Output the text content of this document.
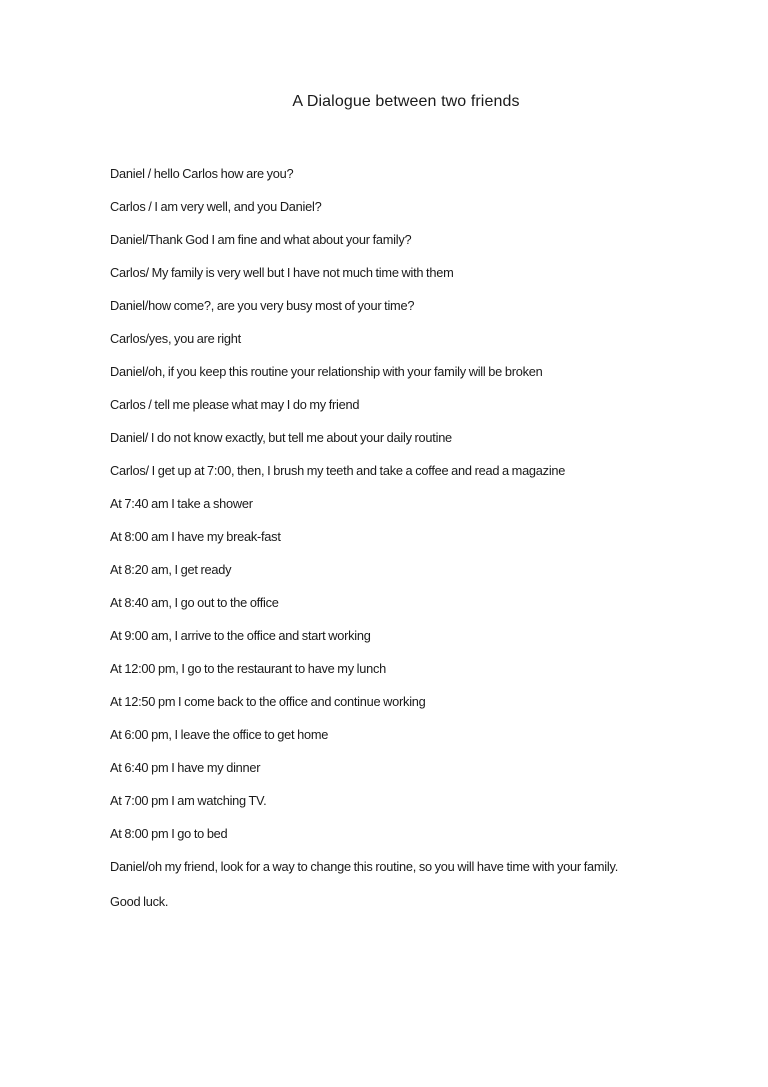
A Dialogue between two friends

Daniel / hello Carlos how are you?

Carlos / I am very well, and you Daniel?

Daniel/Thank God I am fine and what about your family?

Carlos/ My family is very well but I have not much time with them

Daniel/how come?, are you very busy most of your time?

Carlos/yes, you are right

Daniel/oh, if you keep this routine your relationship with your family will be broken

Carlos / tell me please what may I do my friend

Daniel/ I do not know exactly, but tell me about your daily routine

Carlos/ I get up at 7:00, then, I brush my teeth and take a coffee and read a magazine

At 7:40 am I take a shower

At 8:00 am I have my break-fast

At 8:20 am, I get ready

At 8:40 am, I go out to the office

At 9:00 am, I arrive to the office and start working

At 12:00 pm, I go to the restaurant to have my lunch

At 12:50 pm I come back to the office and continue working

At 6:00 pm, I leave the office to get home

At 6:40 pm I have my dinner

At 7:00 pm I am watching TV.

At 8:00 pm I go to bed

Daniel/oh my friend, look for a way to change this routine, so you will have time with your family.

Good luck.
